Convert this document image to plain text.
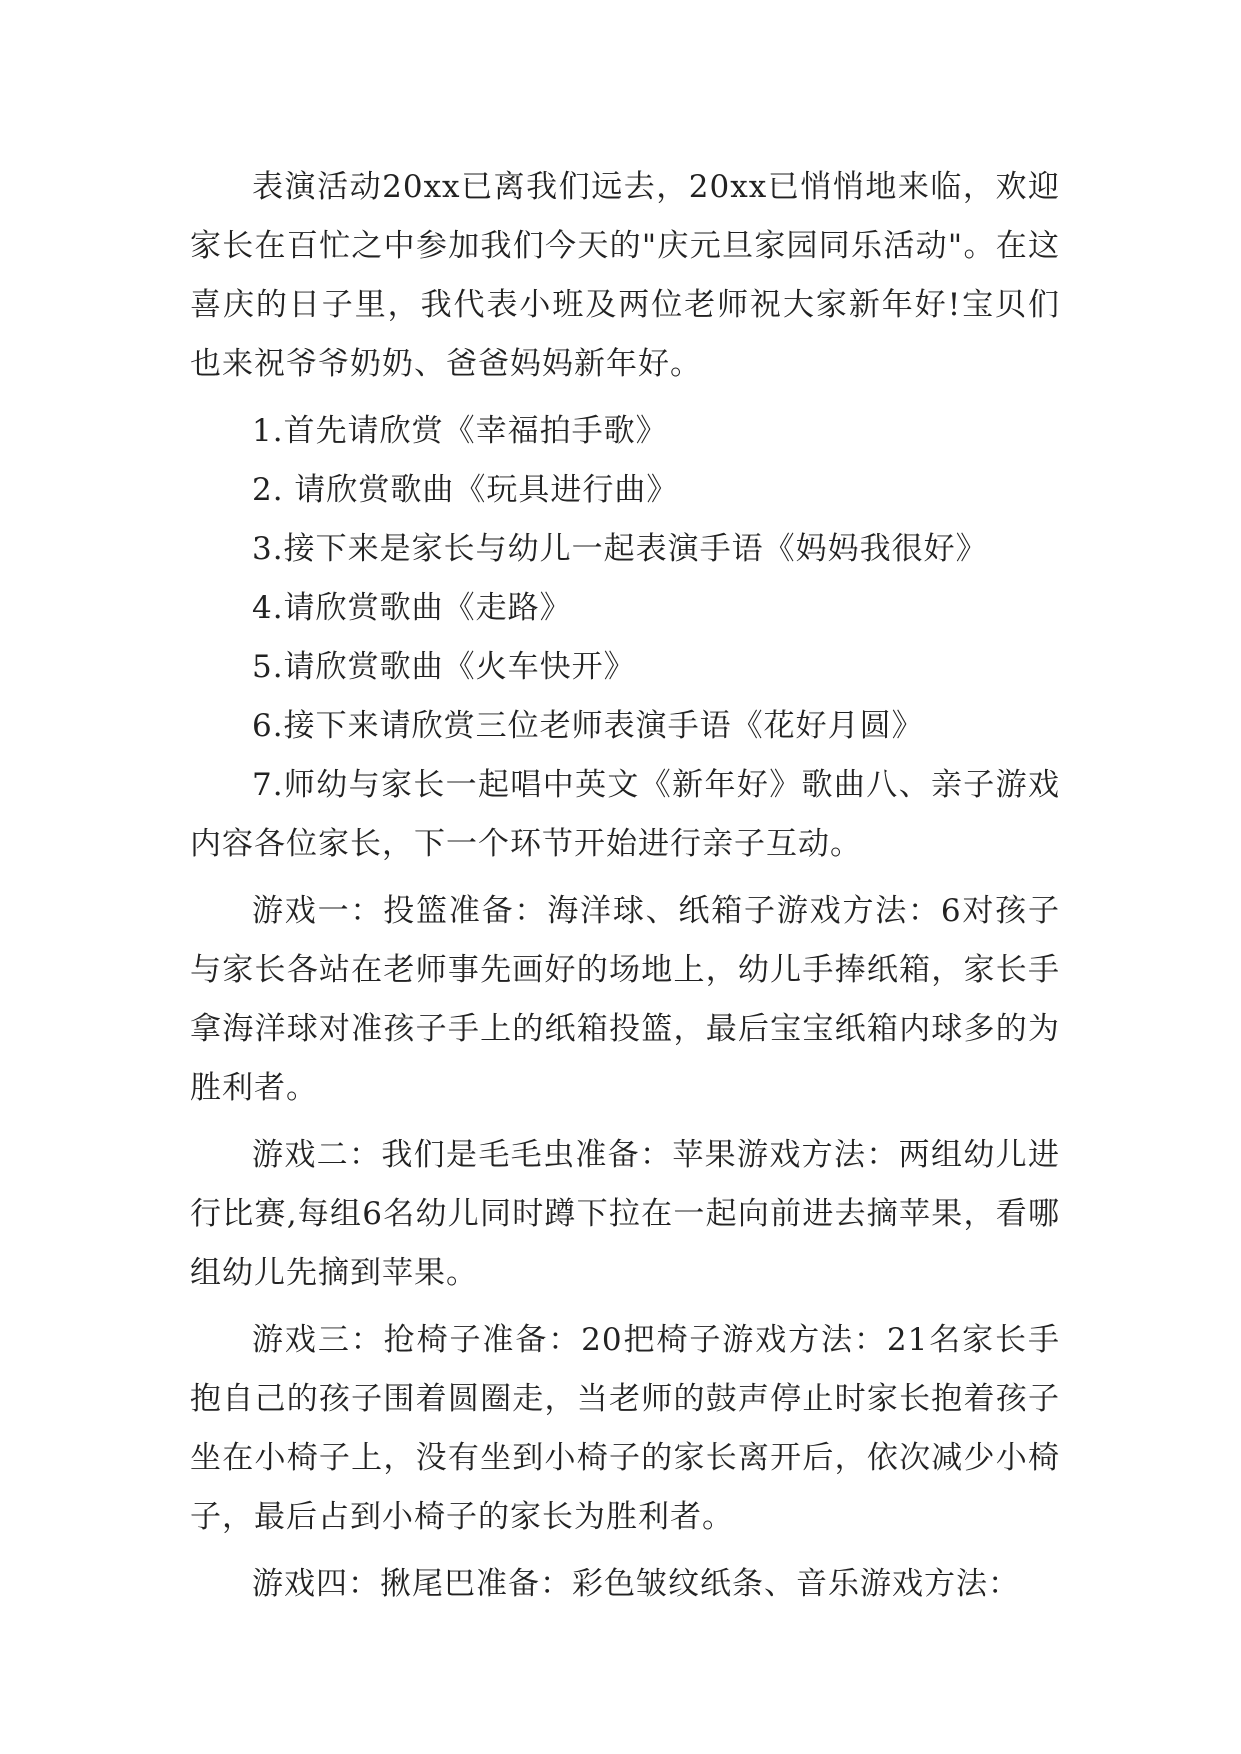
表演活动20xx已离我们远去，20xx已悄悄地来临，欢迎家长在百忙之中参加我们今天的"庆元旦家园同乐活动"。在这喜庆的日子里，我代表小班及两位老师祝大家新年好!宝贝们也来祝爷爷奶奶、爸爸妈妈新年好。

1.首先请欣赏《幸福拍手歌》

2. 请欣赏歌曲《玩具进行曲》

3.接下来是家长与幼儿一起表演手语《妈妈我很好》

4.请欣赏歌曲《走路》

5.请欣赏歌曲《火车快开》

6.接下来请欣赏三位老师表演手语《花好月圆》

7.师幼与家长一起唱中英文《新年好》歌曲八、亲子游戏内容各位家长，下一个环节开始进行亲子互动。

游戏一：投篮准备：海洋球、纸箱子游戏方法：6对孩子与家长各站在老师事先画好的场地上，幼儿手捧纸箱，家长手拿海洋球对准孩子手上的纸箱投篮，最后宝宝纸箱内球多的为胜利者。

游戏二：我们是毛毛虫准备：苹果游戏方法：两组幼儿进行比赛,每组6名幼儿同时蹲下拉在一起向前进去摘苹果，看哪组幼儿先摘到苹果。

游戏三：抢椅子准备：20把椅子游戏方法：21名家长手抱自己的孩子围着圆圈走，当老师的鼓声停止时家长抱着孩子坐在小椅子上，没有坐到小椅子的家长离开后，依次减少小椅子，最后占到小椅子的家长为胜利者。

游戏四：揪尾巴准备：彩色皱纹纸条、音乐游戏方法：
